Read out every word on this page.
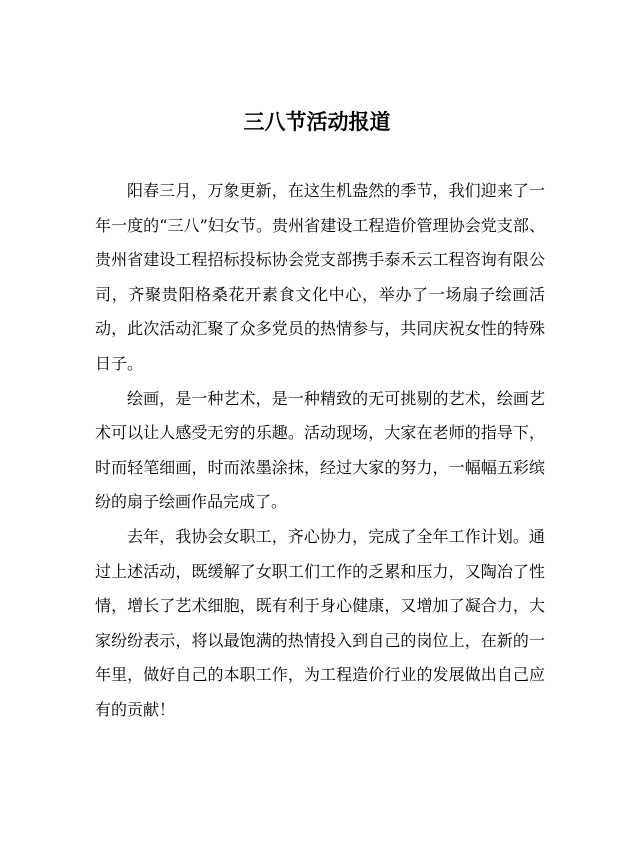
三八节活动报道

阳春三月，万象更新，在这生机盎然的季节，我们迎来了一年一度的“三八”妇女节。贵州省建设工程造价管理协会党支部、贵州省建设工程招标投标协会党支部携手泰禾云工程咨询有限公司，齐聚贵阳格桑花开素食文化中心，举办了一场扇子绘画活动，此次活动汇聚了众多党员的热情参与，共同庆祝女性的特殊日子。

绘画，是一种艺术，是一种精致的无可挑剔的艺术，绘画艺术可以让人感受无穷的乐趣。活动现场，大家在老师的指导下，时而轻笔细画，时而浓墨涂抹，经过大家的努力，一幅幅五彩缤纷的扇子绘画作品完成了。

去年，我协会女职工，齐心协力，完成了全年工作计划。通过上述活动，既缓解了女职工们工作的乏累和压力，又陶冶了性情，增长了艺术细胞，既有利于身心健康，又增加了凝合力，大家纷纷表示，将以最饱满的热情投入到自己的岗位上，在新的一年里，做好自己的本职工作，为工程造价行业的发展做出自己应有的贡献！
